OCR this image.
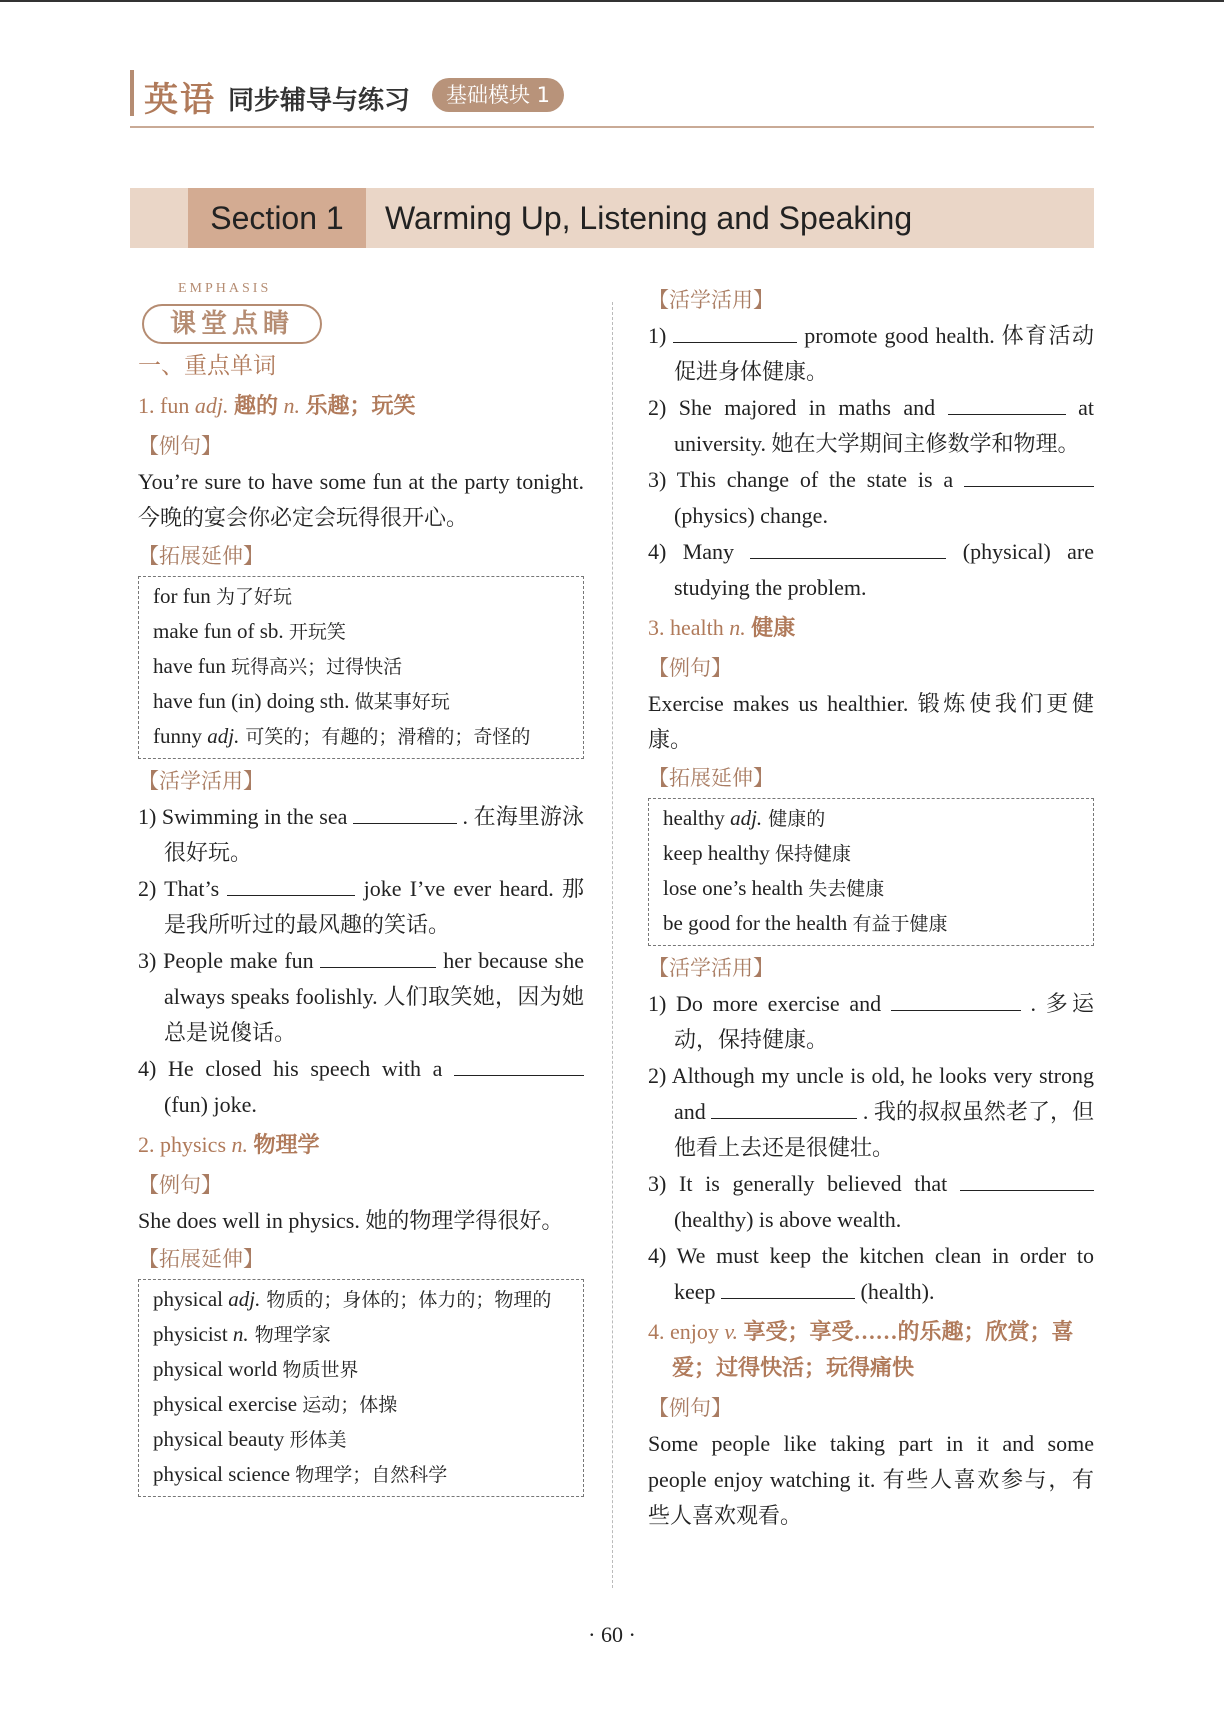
英语 同步辅导与练习	基础模块 1
Section 1	Warming Up, Listening and Speaking
EMPHASIS
课堂点睛
一、重点单词
1. fun adj. 趣的 n. 乐趣；玩笑
【例句】

You’re sure to have some fun at the party tonight. 今晚的宴会你必定会玩得很开心。

【拓展延伸】
for fun 为了好玩
make fun of sb. 开玩笑
have fun 玩得高兴；过得快活
have fun (in) doing sth. 做某事好玩
funny adj. 可笑的；有趣的；滑稽的；奇怪的
【活学活用】

1) Swimming in the sea	. 在海里游泳很好玩。

2) That’s	joke I’ve ever heard. 那是我所听过的最风趣的笑话。

3) People make fun	her because she always speaks foolishly. 人们取笑她，因为她总是说傻话。

4) He closed his speech with a  (fun) joke.

2. physics n. 物理学
【例句】

She does well in physics. 她的物理学得很好。

【拓展延伸】
physical adj. 物质的；身体的；体力的；物理的
physicist n. 物理学家
physical world 物质世界
physical exercise 运动；体操
physical beauty 形体美
physical science 物理学；自然科学
【活学活用】

1)	promote good health. 体育活动促进身体健康。

2) She majored in maths and	at university. 她在大学期间主修数学和物理。

3) This change of the state is a  (physics) change.

4) Many	(physical) are studying the problem.

3. health n. 健康
【例句】

Exercise makes us healthier. 锻炼使我们更健康。

【拓展延伸】
healthy adj. 健康的
keep healthy 保持健康
lose one’s health 失去健康
be good for the health 有益于健康
【活学活用】

1) Do more exercise and	. 多运动，保持健康。

2) Although my uncle is old, he looks very strong and	. 我的叔叔虽然老了，但他看上去还是很健壮。

3) It is generally believed that  (healthy) is above wealth.

4) We must keep the kitchen clean in order to keep	(health).

4. enjoy v. 享受；享受……的乐趣；欣赏；喜爱；过得快活；玩得痛快
【例句】

Some people like taking part in it and some people enjoy watching it. 有些人喜欢参与，有些人喜欢观看。

· 60 ·
